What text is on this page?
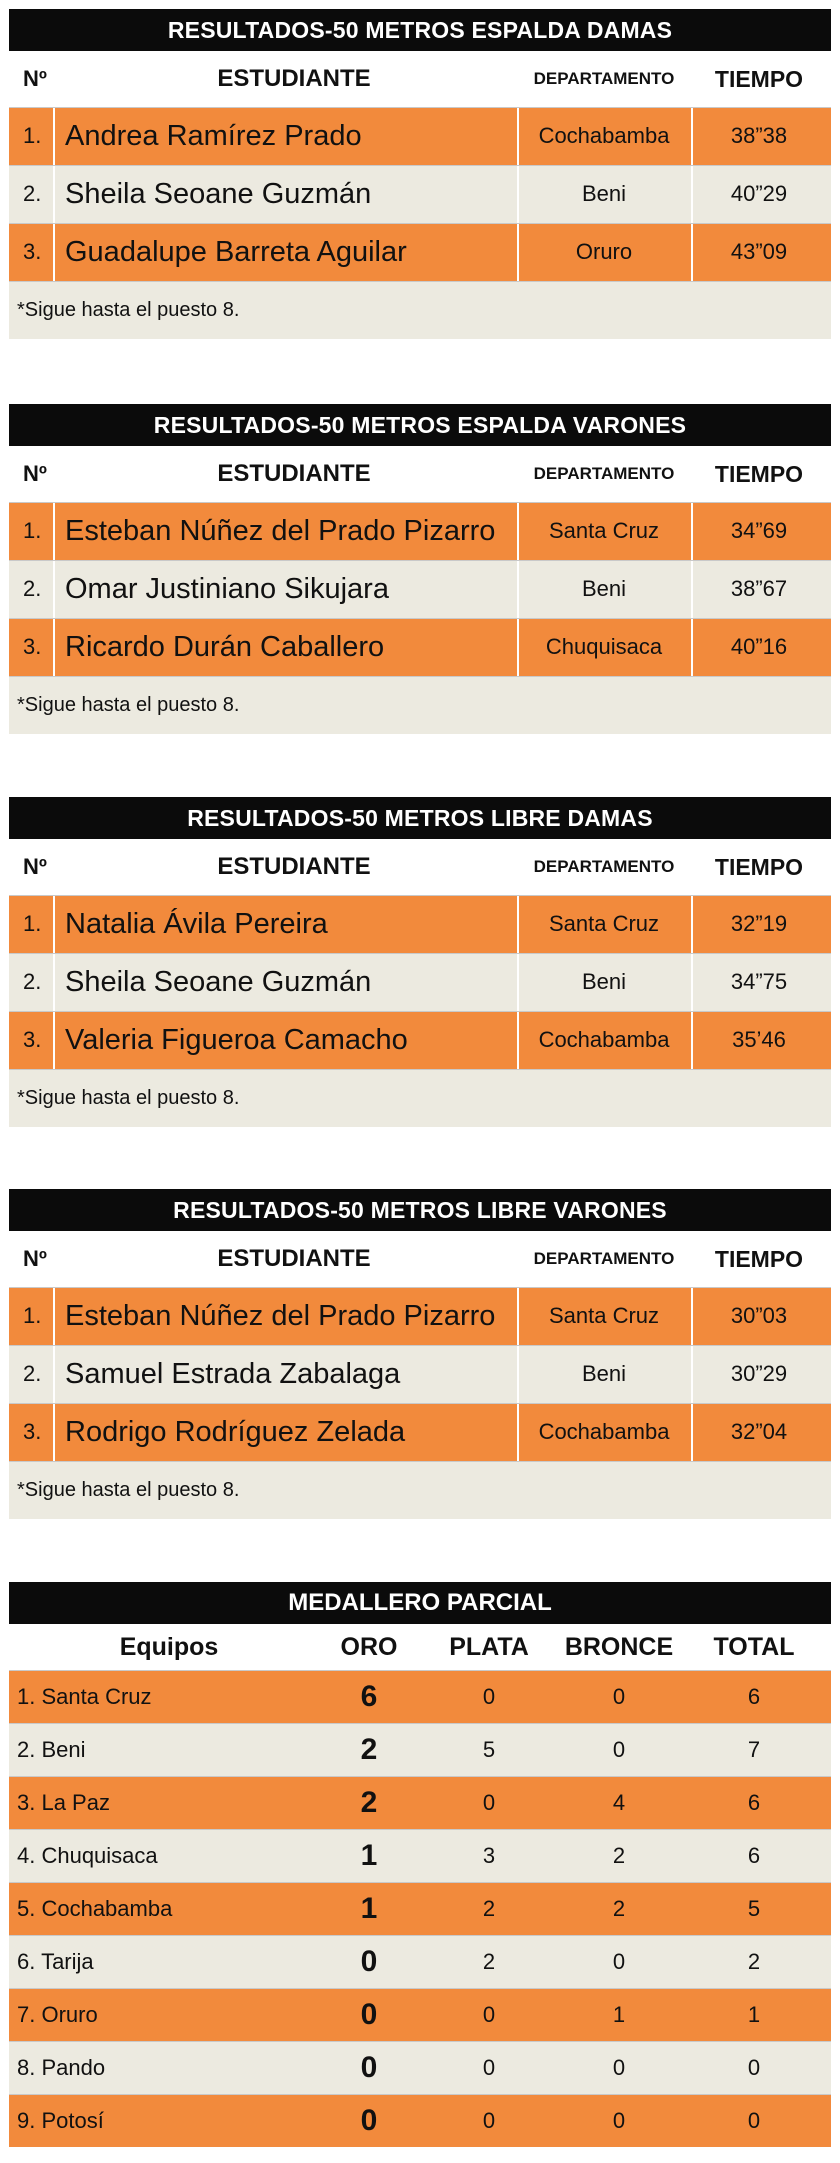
RESULTADOS-50 METROS ESPALDA DAMAS
Nº	ESTUDIANTE	DEPARTAMENTO	TIEMPO
1. Andrea Ramírez Prado	Cochabamba	38”38
2. Sheila Seoane Guzmán	Beni	40”29
3. Guadalupe Barreta Aguilar	Oruro	43”09
*Sigue hasta el puesto 8.
RESULTADOS-50 METROS ESPALDA VARONES
Nº	ESTUDIANTE	DEPARTAMENTO	TIEMPO
1. Esteban Núñez del Prado Pizarro	Santa Cruz	34”69
2. Omar Justiniano Sikujara	Beni	38”67
3. Ricardo Durán Caballero	Chuquisaca	40”16
*Sigue hasta el puesto 8.
RESULTADOS-50 METROS LIBRE DAMAS
Nº	ESTUDIANTE	DEPARTAMENTO	TIEMPO
1. Natalia Ávila Pereira	Santa Cruz	32”19
2. Sheila Seoane Guzmán	Beni	34”75
3. Valeria Figueroa Camacho	Cochabamba	35’46
*Sigue hasta el puesto 8.
RESULTADOS-50 METROS LIBRE VARONES
Nº	ESTUDIANTE	DEPARTAMENTO	TIEMPO
1. Esteban Núñez del Prado Pizarro	Santa Cruz	30”03
2. Samuel Estrada Zabalaga	Beni	30”29
3. Rodrigo Rodríguez Zelada	Cochabamba	32”04
*Sigue hasta el puesto 8.
MEDALLERO PARCIAL
Equipos	ORO	PLATA	BRONCE	TOTAL
1. Santa Cruz	6	0	0	6
2. Beni	2	5	0	7
3. La Paz	2	0	4	6
4. Chuquisaca	1	3	2	6
5. Cochabamba	1	2	2	5
6. Tarija	0	2	0	2
7. Oruro	0	0	1	1
8. Pando	0	0	0	0
9. Potosí	0	0	0	0
